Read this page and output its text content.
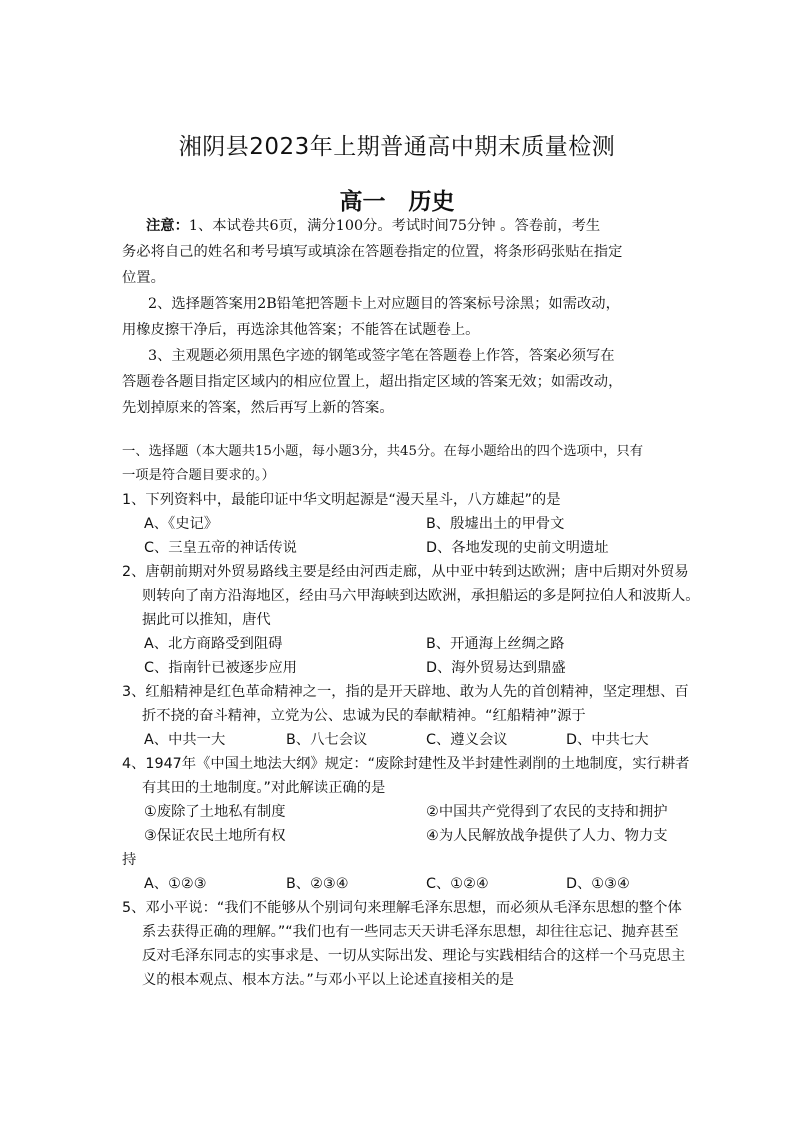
湘阴县2023年上期普通高中期末质量检测
高一　历史
注意：1、本试卷共6页，满分100分。考试时间75分钟 。答卷前，考生
务必将自己的姓名和考号填写或填涂在答题卷指定的位置，将条形码张贴在指定
位置。
2、选择题答案用2B铅笔把答题卡上对应题目的答案标号涂黑；如需改动，
用橡皮擦干净后，再选涂其他答案；不能答在试题卷上。
3、主观题必须用黑色字迹的钢笔或签字笔在答题卷上作答，答案必须写在
答题卷各题目指定区域内的相应位置上，超出指定区域的答案无效；如需改动，
先划掉原来的答案，然后再写上新的答案。
一、选择题（本大题共15小题，每小题3分，共45分。在每小题给出的四个选项中，只有
一项是符合题目要求的。）
1、下列资料中，最能印证中华文明起源是“漫天星斗，八方雄起”的是
A、《史记》	B、殷墟出土的甲骨文
C、三皇五帝的神话传说	D、各地发现的史前文明遗址
2、唐朝前期对外贸易路线主要是经由河西走廊，从中亚中转到达欧洲；唐中后期对外贸易
则转向了南方沿海地区，经由马六甲海峡到达欧洲，承担船运的多是阿拉伯人和波斯人。
据此可以推知，唐代
A、北方商路受到阻碍	B、开通海上丝绸之路
C、指南针已被逐步应用	D、海外贸易达到鼎盛
3、红船精神是红色革命精神之一，指的是开天辟地、敢为人先的首创精神，坚定理想、百
折不挠的奋斗精神，立党为公、忠诚为民的奉献精神。“红船精神”源于
A、中共一大	B、八七会议	C、遵义会议	D、中共七大
4、1947年《中国土地法大纲》规定：“废除封建性及半封建性剥削的土地制度，实行耕者
有其田的土地制度。”对此解读正确的是
①废除了土地私有制度	②中国共产党得到了农民的支持和拥护
③保证农民土地所有权	④为人民解放战争提供了人力、物力支
持
A、①②③	B、②③④	C、①②④	D、①③④
5、邓小平说：“我们不能够从个别词句来理解毛泽东思想，而必须从毛泽东思想的整个体
系去获得正确的理解。”“我们也有一些同志天天讲毛泽东思想，却往往忘记、抛弃甚至
反对毛泽东同志的实事求是、一切从实际出发、理论与实践相结合的这样一个马克思主
义的根本观点、根本方法。”与邓小平以上论述直接相关的是
